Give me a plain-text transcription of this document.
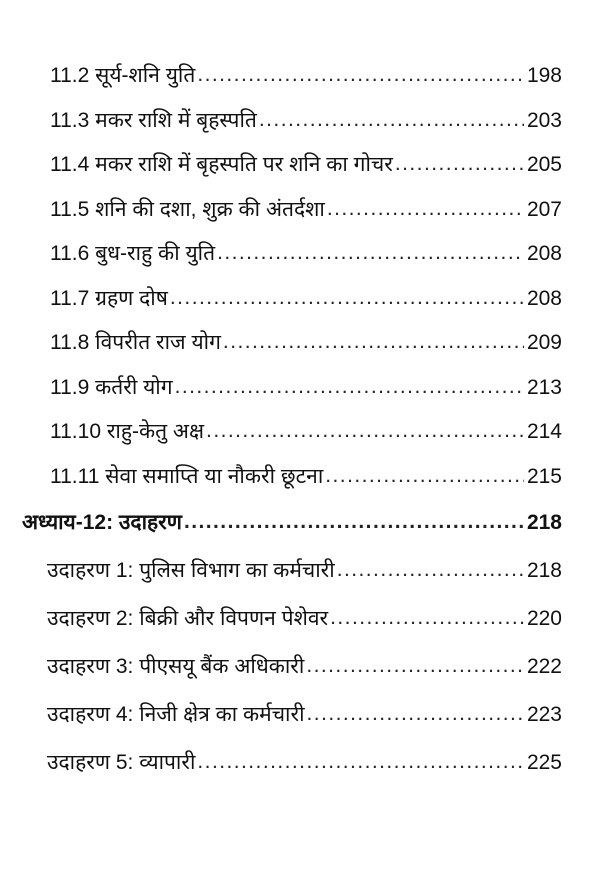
11.2 सूर्य-शनि युति . . .	198
11.3 मकर राशि में बृहस्पति . . .	203
11.4 मकर राशि में बृहस्पति पर शनि का गोचर . . .	205
11.5 शनि की दशा, शुक्र की अंतर्दशा . . .	207
11.6 बुध-राहु की युति . . .	208
11.7 ग्रहण दोष . . .	208
11.8 विपरीत राज योग . . .	209
11.9 कर्तरी योग . . .	213
11.10 राहु-केतु अक्ष . . .	214
11.11 सेवा समाप्ति या नौकरी छूटना . . .	215
अध्याय-12: उदाहरण . . .	218
उदाहरण 1: पुलिस विभाग का कर्मचारी . . .	218
उदाहरण 2: बिक्री और विपणन पेशेवर . . .	220
उदाहरण 3: पीएसयू बैंक अधिकारी . . .	222
उदाहरण 4: निजी क्षेत्र का कर्मचारी . . .	223
उदाहरण 5: व्यापारी . . .	225
